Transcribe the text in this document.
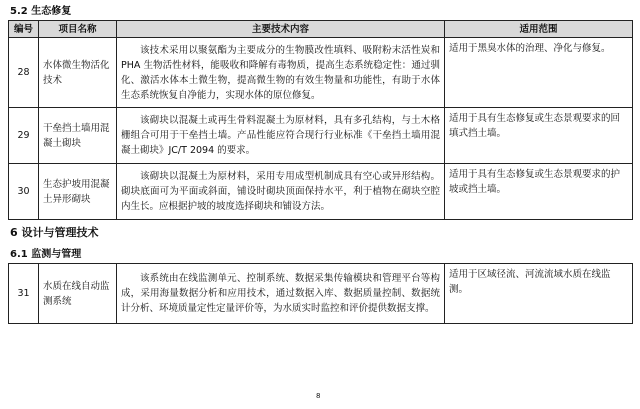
5.2 生态修复
编号	项目名称	主要技术内容	适用范围
28	水体微生物活化技术	该技术采用以聚氨酯为主要成分的生物膜改性填料、吸附粉末活性炭和 PHA 生物活性材料，能吸收和降解有毒物质，提高生态系统稳定性：通过驯化、激活水体本土微生物，提高微生物的有效生物量和功能性，有助于水体生态系统恢复自净能力，实现水体的原位修复。	适用于黑臭水体的治理、净化与修复。
29	干垒挡土墙用混凝土砌块	该砌块以混凝土或再生骨料混凝土为原材料，具有多孔结构，与土木格栅组合可用于干垒挡土墙。产品性能应符合现行行业标准《干垒挡土墙用混凝土砌块》JC/T 2094 的要求。	适用于具有生态修复或生态景观要求的回填式挡土墙。
30	生态护坡用混凝土异形砌块	该砌块以混凝土为原材料，采用专用成型机制成具有空心或异形结构。砌块底面可为平面或斜面，铺设时砌块顶面保持水平，利于植物在砌块空腔内生长。应根据护坡的坡度选择砌块和铺设方法。	适用于具有生态修复或生态景观要求的护坡或挡土墙。
6 设计与管理技术
6.1 监测与管理
31	水质在线自动监测系统	该系统由在线监测单元、控制系统、数据采集传输模块和管理平台等构成，采用海量数据分析和应用技术，通过数据入库、数据质量控制、数据统计分析、环境质量定性定量评价等，为水质实时监控和评价提供数据支撑。	适用于区域径流、河流流域水质在线监测。
8
